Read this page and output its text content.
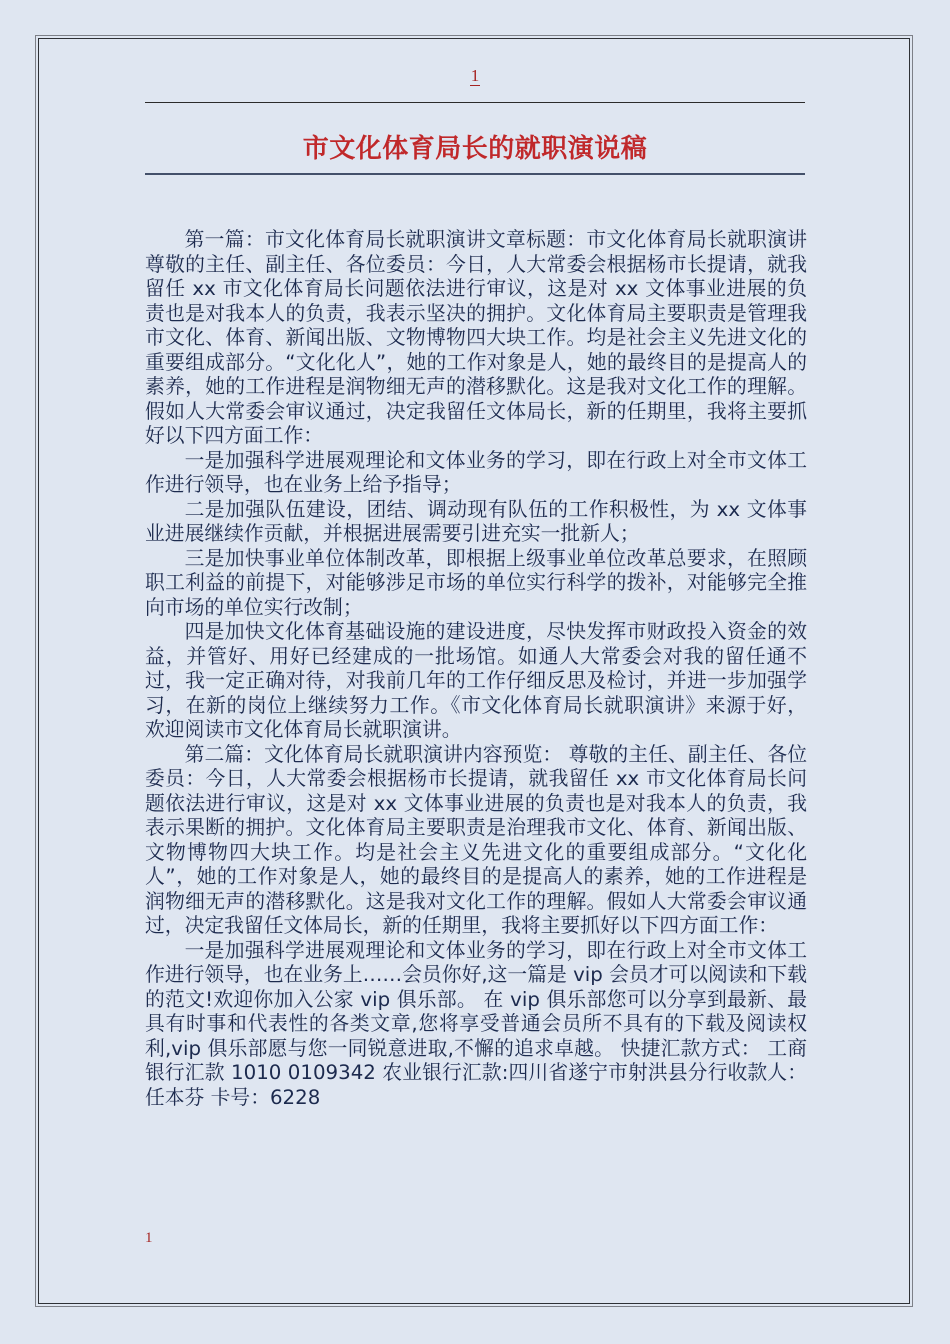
1
市文化体育局长的就职演说稿

第一篇：市文化体育局长就职演讲文章标题：市文化体育局长就职演讲尊敬的主任、副主任、各位委员：今日，人大常委会根据杨市长提请，就我留任 xx 市文化体育局长问题依法进行审议，这是对 xx 文体事业进展的负责也是对我本人的负责，我表示坚决的拥护。文化体育局主要职责是管理我市文化、体育、新闻出版、文物博物四大块工作。均是社会主义先进文化的重要组成部分。“文化化人”，她的工作对象是人，她的最终目的是提高人的素养，她的工作进程是润物细无声的潜移默化。这是我对文化工作的理解。假如人大常委会审议通过，决定我留任文体局长，新的任期里，我将主要抓好以下四方面工作：

一是加强科学进展观理论和文体业务的学习，即在行政上对全市文体工作进行领导，也在业务上给予指导；

二是加强队伍建设，团结、调动现有队伍的工作积极性，为 xx 文体事业进展继续作贡献，并根据进展需要引进充实一批新人；

三是加快事业单位体制改革，即根据上级事业单位改革总要求，在照顾职工利益的前提下，对能够涉足市场的单位实行科学的拨补，对能够完全推向市场的单位实行改制；

四是加快文化体育基础设施的建设进度，尽快发挥市财政投入资金的效益，并管好、用好已经建成的一批场馆。如通人大常委会对我的留任通不过，我一定正确对待，对我前几年的工作仔细反思及检讨，并进一步加强学习，在新的岗位上继续努力工作。《市文化体育局长就职演讲》来源于好，欢迎阅读市文化体育局长就职演讲。

第二篇：文化体育局长就职演讲内容预览： 尊敬的主任、副主任、各位委员：今日，人大常委会根据杨市长提请，就我留任 xx 市文化体育局长问题依法进行审议，这是对 xx 文体事业进展的负责也是对我本人的负责，我表示果断的拥护。文化体育局主要职责是治理我市文化、体育、新闻出版、文物博物四大块工作。均是社会主义先进文化的重要组成部分。“文化化人”，她的工作对象是人，她的最终目的是提高人的素养，她的工作进程是润物细无声的潜移默化。这是我对文化工作的理解。假如人大常委会审议通过，决定我留任文体局长，新的任期里，我将主要抓好以下四方面工作：

一是加强科学进展观理论和文体业务的学习，即在行政上对全市文体工作进行领导，也在业务上……会员你好,这一篇是 vip 会员才可以阅读和下载的范文!欢迎你加入公家 vip 俱乐部。 在 vip 俱乐部您可以分享到最新、最具有时事和代表性的各类文章,您将享受普通会员所不具有的下载及阅读权利,vip 俱乐部愿与您一同锐意进取,不懈的追求卓越。 快捷汇款方式： 工商银行汇款 1010 0109342 农业银行汇款:四川省遂宁市射洪县分行收款人：任本芬 卡号：6228

1
